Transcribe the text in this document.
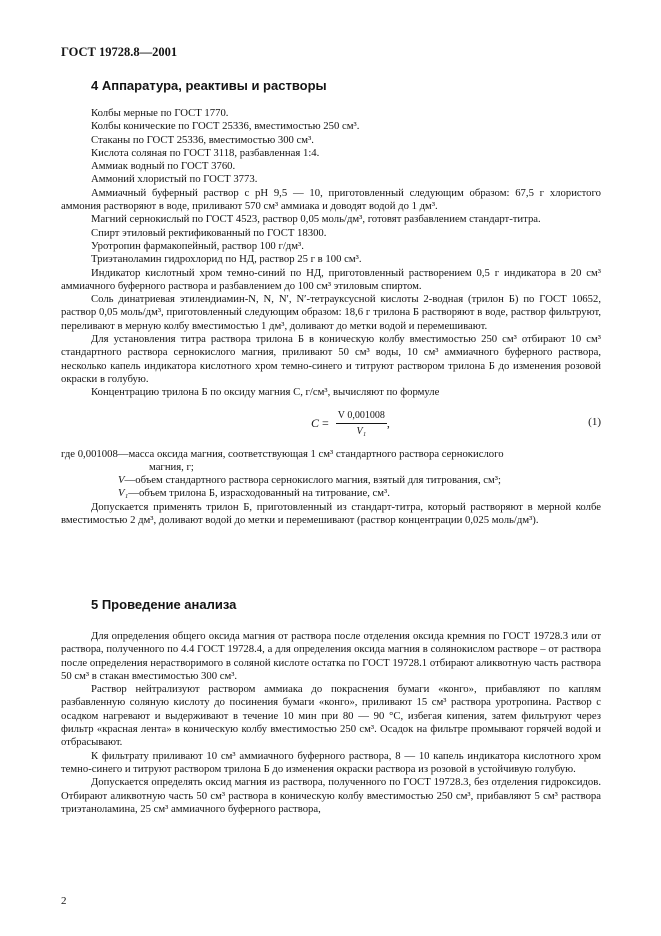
ГОСТ 19728.8—2001
4 Аппаратура, реактивы и растворы

Колбы мерные по ГОСТ 1770.

Колбы конические по ГОСТ 25336, вместимостью 250 см³.

Стаканы по ГОСТ 25336, вместимостью 300 см³.

Кислота соляная по ГОСТ 3118, разбавленная 1:4.

Аммиак водный по ГОСТ 3760.

Аммоний хлористый по ГОСТ 3773.

Аммиачный буферный раствор с рН 9,5 — 10, приготовленный следующим образом: 67,5 г хлористого аммония растворяют в воде, приливают 570 см³ аммиака и доводят водой до 1 дм³.

Магний сернокислый по ГОСТ 4523, раствор 0,05 моль/дм³, готовят разбавлением стандарт-титра.

Спирт этиловый ректификованный по ГОСТ 18300.

Уротропин фармакопейный, раствор 100 г/дм³.

Триэтаноламин гидрохлорид по НД, раствор 25 г в 100 см³.

Индикатор кислотный хром темно-синий по НД, приготовленный растворением 0,5 г индикатора в 20 см³ аммиачного буферного раствора и разбавлением до 100 см³ этиловым спиртом.

Соль динатриевая этилендиамин-N, N, N′, N′-тетрауксусной кислоты 2-водная (трилон Б) по ГОСТ 10652, раствор 0,05 моль/дм³, приготовленный следующим образом: 18,6 г трилона Б растворяют в воде, раствор фильтруют, переливают в мерную колбу вместимостью 1 дм³, доливают до метки водой и перемешивают.

Для установления титра раствора трилона Б в коническую колбу вместимостью 250 см³ отбирают 10 см³ стандартного раствора сернокислого магния, приливают 50 см³ воды, 10 см³ аммиачного буферного раствора, несколько капель индикатора кислотного хром темно-синего и титруют раствором трилона Б до изменения розовой окраски в голубую.

Концентрацию трилона Б по оксиду магния С, г/см³, вычисляют по формуле

$C = \frac{V 0,001008}{\text{V₁}}$ ,	(1)
где 0,001008 — масса оксида магния, соответствующая 1 см³ стандартного раствора сернокислого
магния, г;
V — объем стандартного раствора сернокислого магния, взятый для титрования, см³;
V₁ — объем трилона Б, израсходованный на титрование, см³.

Допускается применять трилон Б, приготовленный из стандарт-титра, который растворяют в мерной колбе вместимостью 2 дм³, доливают водой до метки и перемешивают (раствор концентрации 0,025 моль/дм³).

5 Проведение анализа

Для определения общего оксида магния от раствора после отделения оксида кремния по ГОСТ 19728.3 или от раствора, полученного по 4.4 ГОСТ 19728.4, а для определения оксида магния в солянокислом растворе – от раствора после определения нерастворимого в соляной кислоте остатка по ГОСТ 19728.1 отбирают аликвотную часть раствора 50 см³ в стакан вместимостью 300 см³.

Раствор нейтрализуют раствором аммиака до покраснения бумаги «конго», прибавляют по каплям разбавленную соляную кислоту до посинения бумаги «конго», приливают 15 см³ раствора уротропина. Раствор с осадком нагревают и выдерживают в течение 10 мин при 80 — 90 °С, избегая кипения, затем фильтруют через фильтр «красная лента» в коническую колбу вместимостью 250 см³. Осадок на фильтре промывают горячей водой и отбрасывают.

К фильтрату приливают 10 см³ аммиачного буферного раствора, 8 — 10 капель индикатора кислотного хром темно-синего и титруют раствором трилона Б до изменения окраски раствора из розовой в устойчивую голубую.

Допускается определять оксид магния из раствора, полученного по ГОСТ 19728.3, без отделения гидроксидов. Отбирают аликвотную часть 50 см³ раствора в коническую колбу вместимостью 250 см³, прибавляют 5 см³ раствора триэтаноламина, 25 см³ аммиачного буферного раствора,

2
